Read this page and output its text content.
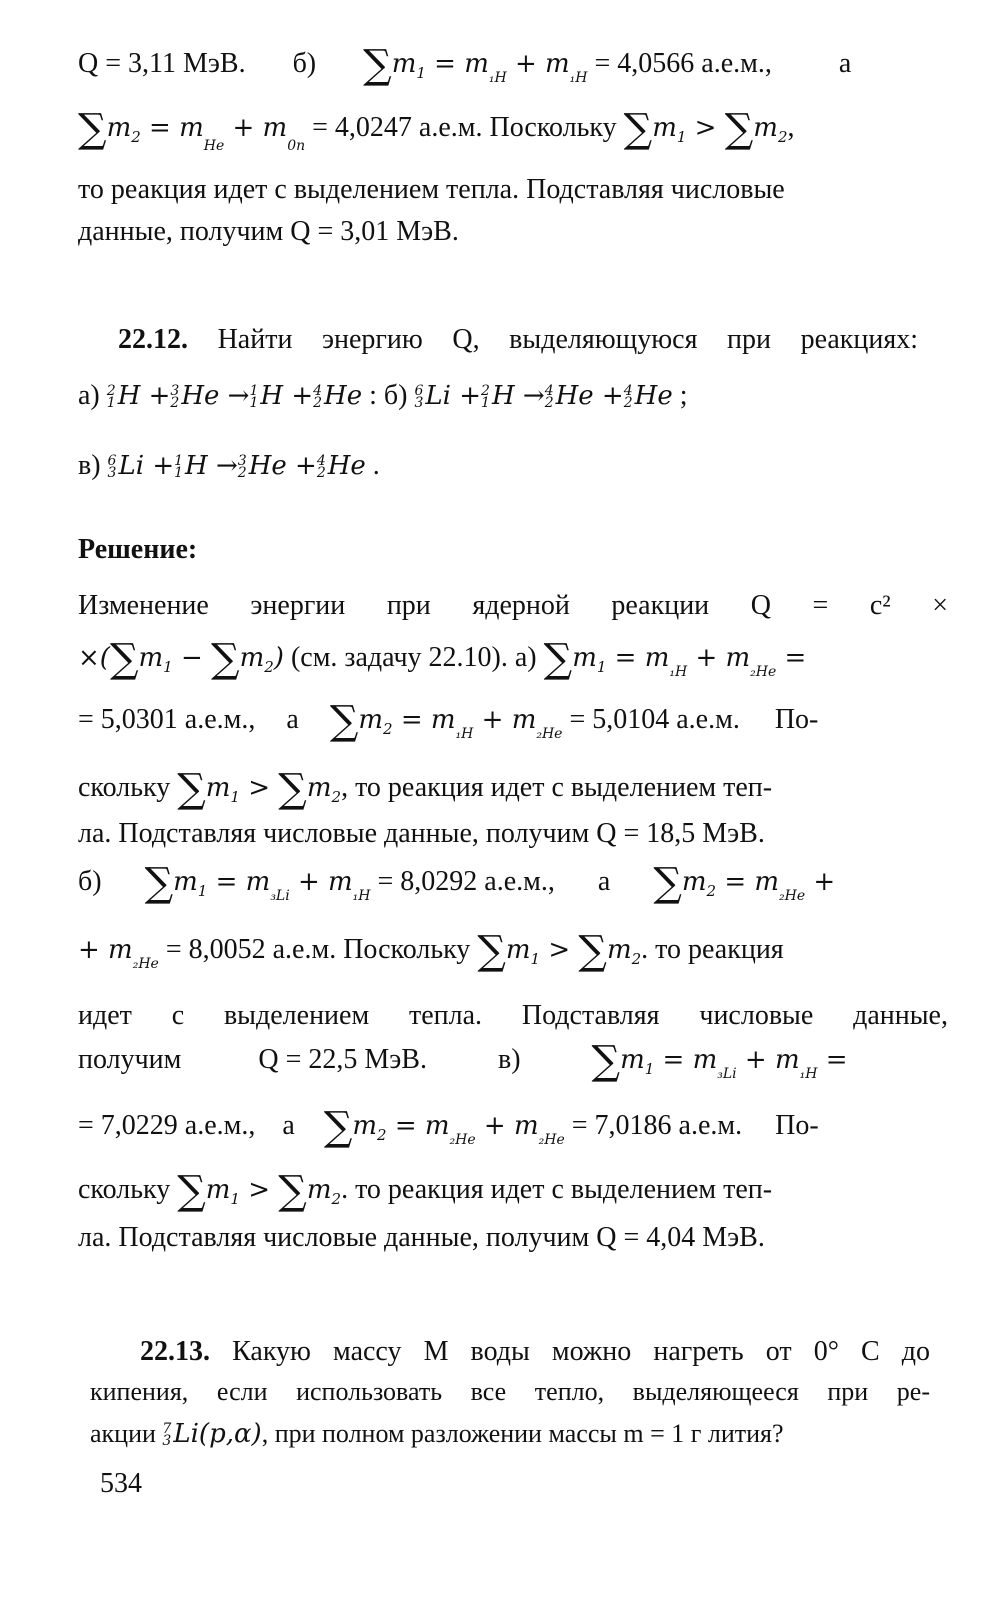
Q = 3,11 МэВ. б) $\sum m_1 = m_{_1H} + m_{_1H} = 4,0566$ а.е.м., а
$\sum m_2 = m_{He} + m_{0n} = 4,0247$ а.е.м. Поскольку $\sum m_1 > \sum m_2$,
то реакция идет с выделением тепла. Подставляя числовые
данные, получим Q = 3,01 МэВ.
22.12. Найти энергию Q, выделяющуюся при реакциях:
а) 2
1 H + 3
2 He → 1
1 H + 4
2 He : б) 6
3 Li + 2
1 H → 4
2 He + 4
2 He ;
в) 6
3 Li + 1
1 H → 3
2 He + 4
2 He .
Решение:
Изменение энергии при ядерной реакции Q = c² ×
$\times(\sum m_1 - \sum m_2)$ (см. задачу 22.10). а) $\sum m_1 = m_{_1H} + m_{_2He}$ =
= 5,0301 а.е.м., а $\sum m_2 = m_{_1H} + m_{_2He} = 5,0104$ а.е.м. По-
скольку $\sum m_1 > \sum m_2$, то реакция идет с выделением теп-
ла. Подставляя числовые данные, получим Q = 18,5 МэВ.
б) $\sum m_1 = m_{_3Li} + m_{_1H} = 8,0292$ а.е.м., а $\sum m_2 = m_{_2He}$ +
+ $m_{_2He} = 8,0052$ а.е.м. Поскольку $\sum m_1 > \sum m_2$. то реакция
идет с выделением тепла. Подставляя числовые данные,
получим	Q = 22,5 МэВ.	в) $\sum m_1 = m_{_3Li} + m_{_1H}$ =
= 7,0229 а.е.м., а $\sum m_2 = m_{_2He} + m_{_2He} = 7,0186$ а.е.м. По-
скольку $\sum m_1 > \sum m_2$. то реакция идет с выделением теп-
ла. Подставляя числовые данные, получим Q = 4,04 МэВ.
22.13. Какую массу M воды можно нагреть от 0° C до
кипения, если использовать все тепло, выделяющееся при ре-
акции 7
3 Li(p,α), при полном разложении массы m = 1 г лития?
534
